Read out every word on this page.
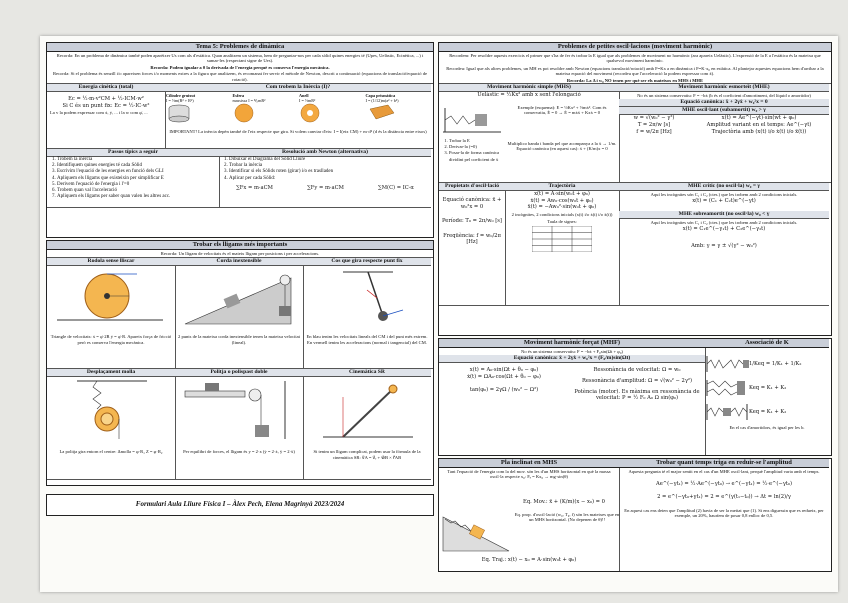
Tema 5: Problemes de dinàmica
Recorda: En un problema de dinàmica també poden aparèixer Us com als d'estàtica. Quan analitzem un sistema, hem de preguntar-nos per cada sòlid quines energies té (Upes, Uelàstic, Ecinètica, ...) i sumar-les (respectant signe de Ues).
Recorda: Podem igualar a 0 la derivada de l'energia perquè es conserva l'energia mecànica.
Recorda: Si el problema és senzill i/o apareixen forces i/o moments extres a la figura que analitzem, és recomanat fer servir el mètode de Newton, descrit a continuació (equacions de translació/equació de rotació).
Energia cinètica (total)
Ec = ½·m·v²CM + ½·ICM·w²
Si C és un punt fix: Ec = ½·IC·w²
La v la podem expressar com ẋ, ẏ, ... i la w com φ̇, ...
Com trobem la Inèrcia (I)?
Cilindre gruixut
I = ½m(R² + R²)
Esfera
massissa I = ⅖mR²
Anell
I = ½mR²
Capa prismàtica
I = (1/12)m(a² + b²)
IMPORTANT! La inèrcia depèn també de l'eix respecte que gira. Si volem canviar d'eix: I = I(eix CM) + m·d² (d és la distància entre eixos)
Passos típics a seguir
1. Trobem la inèrcia
2. Identifiquem quines energies té cada Sòlid
3. Escrivim l'equació de les energies en funció dels GLI
4. Apliquem els lligams que existeixin per simplificar E
5. Derivem l'equació de l'energia i l'=0
6. Trobem quan val l'acceleració
7. Apliquem els lligams per saber quan valen les altres acc.
Resolució amb Newton (alternativa)
1. Dibuixar el Diagrama del Sòlid Lliure
2. Trobar la inèrcia
3. Identificar si els Sòlids roten (girar) i/o es traslladen
4. Aplicar per cada Sòlid:
∑Fx = m·aCM	∑Fy = m·aCM	∑M(C) = IC·α
Trobar els lligams més importants
Recorda: Un lligam de velocitats és el mateix lligam per posicions i per acceleracions.
Rodola sense lliscar
Triangle de velocitats: ẋ = φ̇·2R ẏ = φ̇·R. Apareix força de fricció però es conserva l'energia mecànica.
Corda inextensible
2 punts de la mateixa corda inextensible tenen la mateixa velocitat (lineal).
Cos que gira respecte punt fix
En blau tenim les velocitats lineals del CM i del punt més extrem. En vermell tenim les acceleracions (normal i tangencial) del CM.
Desplaçament molla
La politja gira entorn el centre: Δmolla = φ·R₁ Z = φ·R₂
Politja o polispast doble
Per equilibri de forces, el lligam és y = 2·x (ẏ = 2·ẋ, ÿ = 2·ẍ)
Cinemàtica SR
Si tenim un lligam complicat, podem usar la fórmula de la cinemàtica SR: v⃗A = v⃗ᵣ + w⃗B × r⃗AB
Formulari Aula Lliure Física I – Àlex Pech, Elena Magrinyà 2023/2024
Problemes de petites oscil·lacions (moviment harmònic)
Recordem: Per resoldre aquests exercicis el primer que s'ha de fer és trobar la E igual que als problemes de moviment no harmònic (ara apareix Uelàstic). L'expressió de la E a l'estàtica és la mateixa que qualsevol moviment harmònic.
Recordeu: Igual que als altres problemes, un MH es pot resoldre amb Newton (equacions translació/rotació) amb F=Kx a en dinàmica i F=K·x₀ en estàtica. Al plantejar aquestes equacions hem d'arribar a la mateixa equació del moviment (recordeu que l'acceleració la podem expressar com ẍ).
Recorda: La Δ i w₀ NO tenen per què ser els mateixos en MHS i MHE
Moviment harmònic simple (MHS)
Uelàstic = ½Kx² amb x sent l'elongació
Exemple (esquema): E = ½Kx² + ½mẋ². Com és conservatiu, Ė = 0 → Ė = mẋẍ + Kxẋ = 0
1. Trobar la E
2. Derivar-la (=0)
3. Posar-la de forma canònica dividint pel coeficient de ẍ
Multiplico banda i banda pel que acompanya a la ẍ → 1/m. Equació canònica (en aquest cas): ẍ + (K/m)x = 0
Moviment harmònic esmorteït (MHE)
No és un sistema conservatiu: F = −bẋ (b és el coeficient d'amortiment, del líquid o amortidor)
Equació canònica: ẍ + 2γẋ + w₀²x = 0
MHE oscil·lant (subamortit) w₀ > γ
w = √(w₀² − γ²)
T = 2π/w [s]
f = w/2π [Hz]
x(t) = Ae^(−γt)·sin(wt + φ₀)
Amplitud variant en el temps: Ae^(−γt)
Trajectòria amb (x(t) i/o ẋ(t) i/o ẍ(t))
Propietats d'oscil·lació
Equació canònica: ẍ + w₀²x = 0
Període: T₀ = 2π/w₀ [s]
Freqüència: f = w₀/2π [Hz]
Trajectòria
x(t) = A·sin(w₀t + φ₀)
ẋ(t) = Aw₀·cos(w₀t + φ₀)
ẍ(t) = −Aw₀²·sin(w₀t + φ₀)
2 incògnites, 2 condicions inicials (x(t) i/o ẋ(t) i/o ẍ(t))
Taula de signes:
MHE crític (no oscil·la) w₀ = γ
Aquí les incògnites són C₁ i C₂ (ctes.) que les trobem amb 2 condicions inicials.
x(t) = (C₁ + C₂t)e^(−γt)
MHE sobreamortit (no oscil·la) w₀ < γ
Aquí les incògnites són C₁ i C₂ (ctes.) que les trobem amb 2 condicions inicials.
x(t) = C₁e^(−γ₁t) + C₂e^(−γ₂t)
Amb: γ = γ ± √(γ² − w₀²)
Moviment harmònic forçat (MHF)
No és un sistema conservatiu: F = −bẋ + F₀sin(Ωt + φ₀)
Equació canònica: ẍ + 2γẋ + w₀²x = (F₀/m)sin(Ωt)
x(t) = A₀·sin(Ωt + θ₀ − φ₀)
ẋ(t) = ΩA₀·cos(Ωt + θ₀ − φ₀)
tan(φ₀) = 2γΩ / (w₀² − Ω²)
Ressonància de velocitat: Ω = w₀
Ressonància d'amplitud: Ω = √(w₀² − 2γ²)
Potència (motor). Es màxima en ressonància de velocitat: P = ½ F₀ A₀ Ω sin(φ₀)
Associació de K
1/Keq = 1/K₁ + 1/K₂
Keq = K₁ + K₂
Keq = K₁ + K₂
En el cas d'amortidors, és igual per les b.
Pla inclinat en MHS
Tant l'equació de l'energia com la del mov. són les d'un MHS horitzontal en què la massa oscil·la respecte x₀: Fₑ = Kx₀ → mg·sin(θ)
Eq. Mov.: ẍ + (K/m)(x − x₀) = 0
Eq. prop. d'oscil·lació (w₀, T₀, f) són les mateixes que en un MHS horitzontal. (No depenen de θ)!!
Eq. Traj.: x(t) − x₀ = A·sin(w₀t + φ₀)
Trobar quant temps triga en reduir-se l'amplitud
Aquesta pregunta té el major sentit en el cas d'un MHE oscil·lant, perquè l'amplitud varia amb el temps.
Ae^(−γt₁) = ½·Ae^(−γt₀) → e^(−γt₁) = ½·e^(−γt₀)
2 = e^(−γt₀+γt₁) = 2 = e^(γ(t₁−t₀)) → Δt = ln(2)/γ
En aquest cas ens deien que l'amplitud (2) havia de ser la meitat que (1). Si ens diguessin que es redueix, per exemple, un 20%, hauríem de posar 0,8 enlloc de 0,5.
